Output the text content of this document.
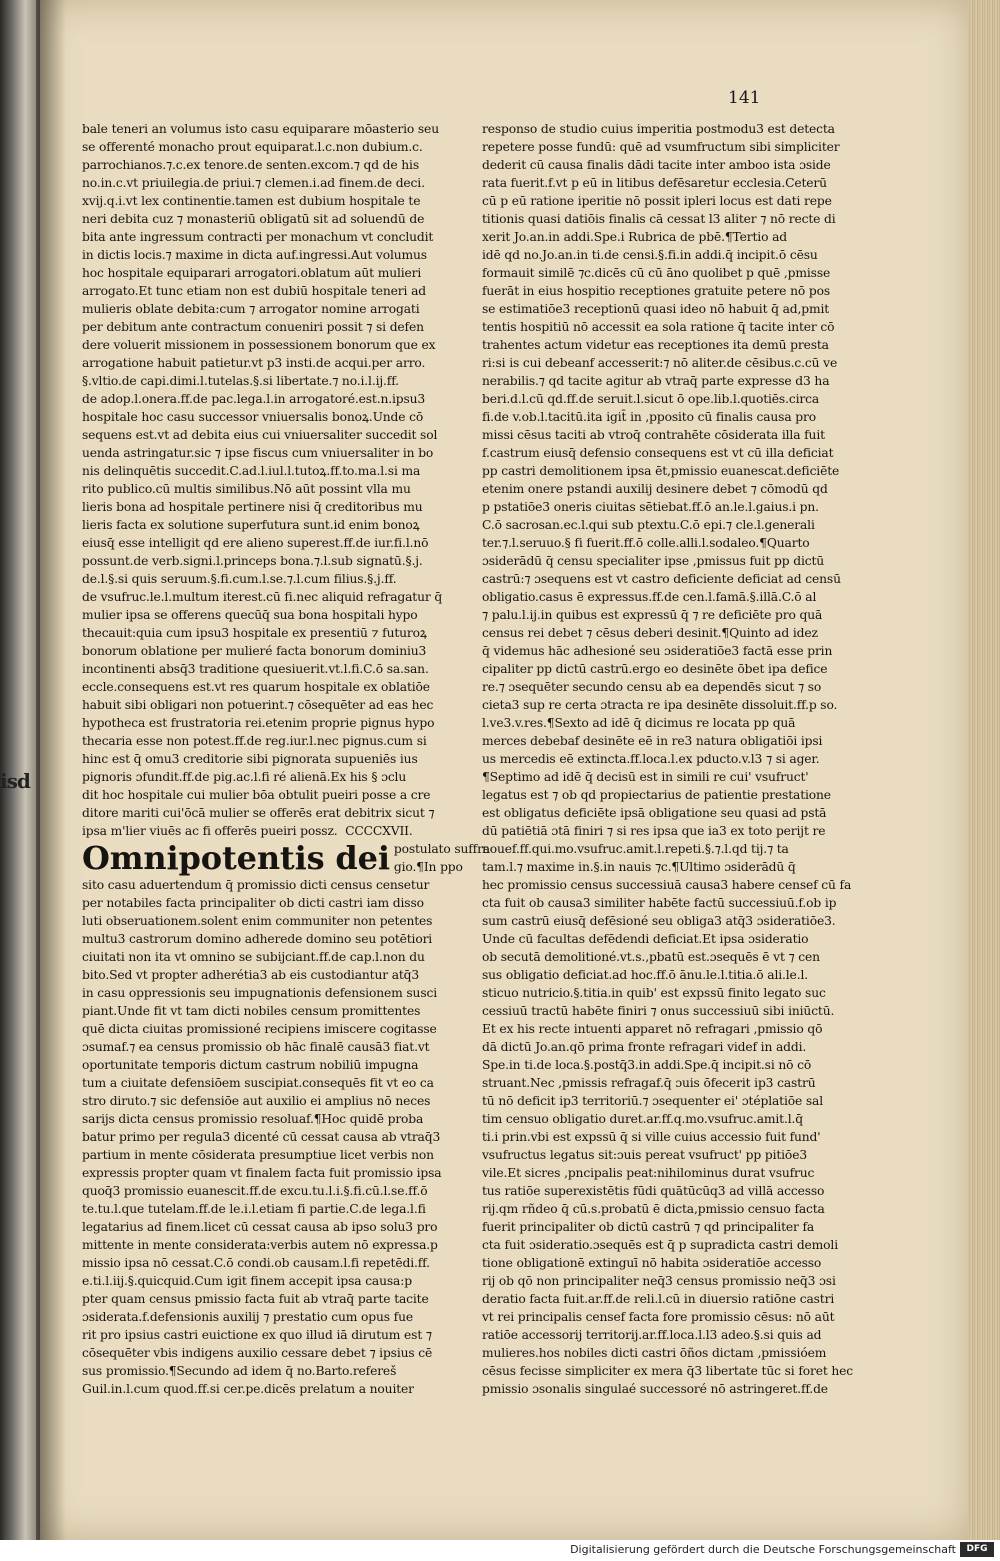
isd
141
bale teneri an volumus isto casu equiparare mōasterio seu
se offerenté monacho prout equiparat.l.c.non dubium.c.
parrochianos.⁊.c.ex tenore.de senten.excom.⁊ qd de his
no.in.c.vt priuilegia.de priui.⁊ clemen.i.ad finem.de deci.
xvij.q.i.vt lex continentie.tamen est dubium hospitale te
neri debita cuz ⁊ monasteriū obligatū sit ad soluendū de
bita ante ingressum contracti per monachum vt concludit
in dictis locis.⁊ maxime in dicta auf.ingressi.Aut volumus
hoc hospitale equiparari arrogatori.oblatum aūt mulieri
arrogato.Et tunc etiam non est dubiū hospitale teneri ad
mulieris oblate debita:cum ⁊ arrogator nomine arrogati
per debitum ante contractum conueniri possit ⁊ si defen
dere voluerit missionem in possessionem bonorum que ex
arrogatione habuit patietur.vt p3 insti.de acqui.per arro.
§.vltio.de capi.dimi.l.tutelas.§.si libertate.⁊ no.i.l.ij.ff.
de adop.l.onera.ff.de pac.lega.l.in arrogatoré.est.n.ipsu3
hospitale hoc casu successor vniuersalis bonoꝝ.Unde cō
sequens est.vt ad debita eius cui vniuersaliter succedit sol
uenda astringatur.sic ⁊ ipse fiscus cum vniuersaliter in bo
nis delinquētis succedit.C.ad.l.iul.l.tutoꝝ.ff.to.ma.l.si ma
rito publico.cū multis similibus.Nō aūt possint vlla mu
lieris bona ad hospitale pertinere nisi q̄ creditoribus mu
lieris facta ex solutione superfutura sunt.id enim bonoꝝ
eiusq̄ esse intelligit qd ere alieno superest.ff.de iur.fi.l.nō
possunt.de verb.signi.l.princeps bona.⁊.l.sub signatū.§.j.
de.l.§.si quis seruum.§.fi.cum.l.se.⁊.l.cum filius.§.j.ff.
de vsufruc.le.l.multum iterest.cū fi.nec aliquid refragatur q̄
mulier ipsa se offerens quecūq̄ sua bona hospitali hypo
thecauit:quia cum ipsu3 hospitale ex presentiū ⁊ futuroꝝ
bonorum oblatione per mulieré facta bonorum dominiu3
incontinenti absq̄3 traditione quesiuerit.vt.l.fi.C.ō sa.san.
eccle.consequens est.vt res quarum hospitale ex oblatiōe
habuit sibi obligari non potuerint.⁊ cōsequēter ad eas hec
hypotheca est frustratoria rei.etenim proprie pignus hypo
thecaria esse non potest.ff.de reg.iur.l.nec pignus.cum si
hinc est q̄ omu3 creditorie sibi pignorata supueniēs ius
pignoris ɔfundit.ff.de pig.ac.l.fi ré alienā.Ex his § ɔclu
dit hoc hospitale cui mulier bōa obtulit pueiri posse a cre
ditore mariti cui'ōcā mulier se offerēs erat debitrix sicut ⁊
ipsa m'lier viuēs ac fi offerēs pueiri possz.  CCCCXVII.
Omnipotentis dei postulato suffra
gio.¶In ppo
sito casu aduertendum q̄ promissio dicti census censetur
per notabiles facta principaliter ob dicti castri iam disso
luti obseruationem.solent enim communiter non petentes
multu3 castrorum domino adherede domino seu potētiori
ciuitati non ita vt omnino se subijciant.ff.de cap.l.non du
bito.Sed vt propter adherétia3 ab eis custodiantur atq̄3
in casu oppressionis seu impugnationis defensionem susci
piant.Unde fit vt tam dicti nobiles censum promittentes
quē dicta ciuitas promissioné recipiens imiscere cogitasse
ɔsumaf.⁊ ea census promissio ob hāc finalē causā3 fiat.vt
oportunitate temporis dictum castrum nobiliū impugna
tum a ciuitate defensiōem suscipiat.consequēs fit vt eo ca
stro diruto.⁊ sic defensiōe aut auxilio ei amplius nō neces
sarijs dicta census promissio resoluaf.¶Hoc quidē proba
batur primo per regula3 dicenté cū cessat causa ab vtraq̄3
partium in mente cōsiderata presumptiue licet verbis non
expressis propter quam vt finalem facta fuit promissio ipsa
quoq̄3 promissio euanescit.ff.de excu.tu.l.i.§.fi.cū.l.se.ff.ō
te.tu.l.que tutelam.ff.de le.i.l.etiam fi partie.C.de lega.l.fi
legatarius ad finem.licet cū cessat causa ab ipso solu3 pro
mittente in mente considerata:verbis autem nō expressa.p
missio ipsa nō cessat.C.ō condi.ob causam.l.fi repetēdi.ff.
e.ti.l.iij.§.quicquid.Cum igit finem accepit ipsa causa:p
pter quam census pmissio facta fuit ab vtraq̄ parte tacite
ɔsiderata.f.defensionis auxilij ⁊ prestatio cum opus fue
rit pro ipsius castri euictione ex quo illud iā dirutum est ⁊
cōsequēter vbis indigens auxilio cessare debet ⁊ ipsius cē
sus promissio.¶Secundo ad idem q̄ no.Barto.refereš
Guil.in.l.cum quod.ff.si cer.pe.dicēs prelatum a nouiter
responso de studio cuius imperitia postmodu3 est detecta
repetere posse fundū: quē ad vsumfructum sibi simpliciter
dederit cū causa finalis dādi tacite inter amboo ista ɔside
rata fuerit.f.vt p eū in litibus defēsaretur ecclesia.Ceterū
cū p eū ratione iperitie nō possit ipleri locus est dati repe
titionis quasi datiōis finalis cā cessat l3 aliter ⁊ nō recte di
xerit Jo.an.in addi.Spe.i Rubrica de pbē.¶Tertio ad
idē qd no.Jo.an.in ti.de censi.§.fi.in addi.q̄ incipit.ō cēsu
formauit similē ⁊c.dicēs cū cū āno quolibet p quē ,pmisse
fuerāt in eius hospitio receptiones gratuite petere nō pos
se estimatiōe3 receptionū quasi ideo nō habuit q̄ ad,pmit
tentis hospitiū nō accessit ea sola ratione q̄ tacite inter cō
trahentes actum videtur eas receptiones ita demū presta
ri:si is cui debeanf accesserit:⁊ nō aliter.de cēsibus.c.cū ve
nerabilis.⁊ qd tacite agitur ab vtraq̄ parte expresse d3 ha
beri.d.l.cū qd.ff.de seruit.l.sicut ō ope.lib.l.quotiēs.circa
fi.de v.ob.l.tacitū.ita igit̄ in ,pposito cū finalis causa pro
missi cēsus taciti ab vtroq̄ contrahēte cōsiderata illa fuit
f.castrum eiusq̄ defensio consequens est vt cū illa deficiat
pp castri demolitionem ipsa ēt,pmissio euanescat.deficiēte
etenim onere pstandi auxilij desinere debet ⁊ cōmodū qd
p pstatiōe3 oneris ciuitas sētiebat.ff.ō an.le.l.gaius.i pn.
C.ō sacrosan.ec.l.qui sub ptextu.C.ō epi.⁊ cle.l.generali
ter.⁊.l.seruuo.§ fi fuerit.ff.ō colle.alli.l.sodaleo.¶Quarto
ɔsiderādū q̄ censu specialiter ipse ,pmissus fuit pp dictū
castrū:⁊ ɔsequens est vt castro deficiente deficiat ad censū
obligatio.casus ē expressus.ff.de cen.l.famā.§.illā.C.ō al
⁊ palu.l.ij.in quibus est expressū q̄ ⁊ re deficiēte pro quā
census rei debet ⁊ cēsus deberi desinit.¶Quinto ad idez
q̄ videmus hāc adhesioné seu ɔsideratiōe3 factā esse prin
cipaliter pp dictū castrū.ergo eo desinēte ōbet ipa defice
re.⁊ ɔsequēter secundo censu ab ea dependēs sicut ⁊ so
cieta3 sup re certa ɔtracta re ipa desinēte dissoluit.ff.p so.
l.ve3.v.res.¶Sexto ad idē q̄ dicimus re locata pp quā
merces debebaf desinēte eē in re3 natura obligatiōi ipsi
us mercedis eē extincta.ff.loca.l.ex pducto.v.l3 ⁊ si ager.
¶Septimo ad idē q̄ decisū est in simili re cui' vsufruct'
legatus est ⁊ ob qd propiectarius de patientie prestatione
est obligatus deficiēte ipsā obligatione seu quasi ad pstā
dū patiētiā ɔtā finiri ⁊ si res ipsa que ia3 ex toto perijt re
nouef.ff.qui.mo.vsufruc.amit.l.repeti.§.⁊.l.qd tij.⁊ ta
tam.l.⁊ maxime in.§.in nauis ⁊c.¶Ultimo ɔsiderādū q̄
hec promissio census successiuā causa3 habere censef cū fa
cta fuit ob causa3 similiter habēte factū successiuū.f.ob ip
sum castrū eiusq̄ defēsioné seu obliga3 atq̄3 ɔsideratiōe3.
Unde cū facultas defēdendi deficiat.Et ipsa ɔsideratio
ob secutā demolitioné.vt.s.,pbatū est.ɔsequēs ē vt ⁊ cen
sus obligatio deficiat.ad hoc.ff.ō ānu.le.l.titia.ō ali.le.l.
sticuo nutricio.§.titia.in quib' est expssū finito legato suc
cessiuū tractū habēte finiri ⁊ onus successiuū sibi iniūctū.
Et ex his recte intuenti apparet nō refragari ,pmissio qō
dā dictū Jo.an.qō prima fronte refragari videf in addi.
Spe.in ti.de loca.§.postq̄3.in addi.Spe.q̄ incipit.si nō cō
struant.Nec ,pmissis refragaf.q̄ ɔuis ōfecerit ip3 castrū
tū nō deficit ip3 territoriū.⁊ ɔsequenter ei' ɔtéplatiōe sal
tim censuo obligatio duret.ar.ff.q.mo.vsufruc.amit.l.q̄
ti.i prin.vbi est expssū q̄ si ville cuius accessio fuit fund'
vsufructus legatus sit:ɔuis pereat vsufruct' pp pitiōe3
vile.Et sicres ,pncipalis peat:nihilominus durat vsufruc
tus ratiōe superexistētis fūdi quātūcūq3 ad villā accesso
rij.qm rñdeo q̄ cū.s.probatū ē dicta,pmissio censuo facta
fuerit principaliter ob dictū castrū ⁊ qd principaliter fa
cta fuit ɔsideratio.ɔsequēs est q̄ p supradicta castri demoli
tione obligationē extinguī nō habita ɔsideratiōe accesso
rij ob qō non principaliter neq̄3 census promissio neq̄3 ɔsi
deratio facta fuit.ar.ff.de reli.l.cū in diuersio ratiōne castri
vt rei principalis censef facta fore promissio cēsus: nō aūt
ratiōe accessorij territorij.ar.ff.loca.l.l3 adeo.§.si quis ad
mulieres.hos nobiles dicti castri ōños dictam ,pmissióem
cēsus fecisse simpliciter ex mera q̄3 libertate tūc si foret hec
pmissio ɔsonalis singulaé successoré nō astringeret.ff.de
Digitalisierung gefördert durch die Deutsche Forschungsgemeinschaft	DFG
